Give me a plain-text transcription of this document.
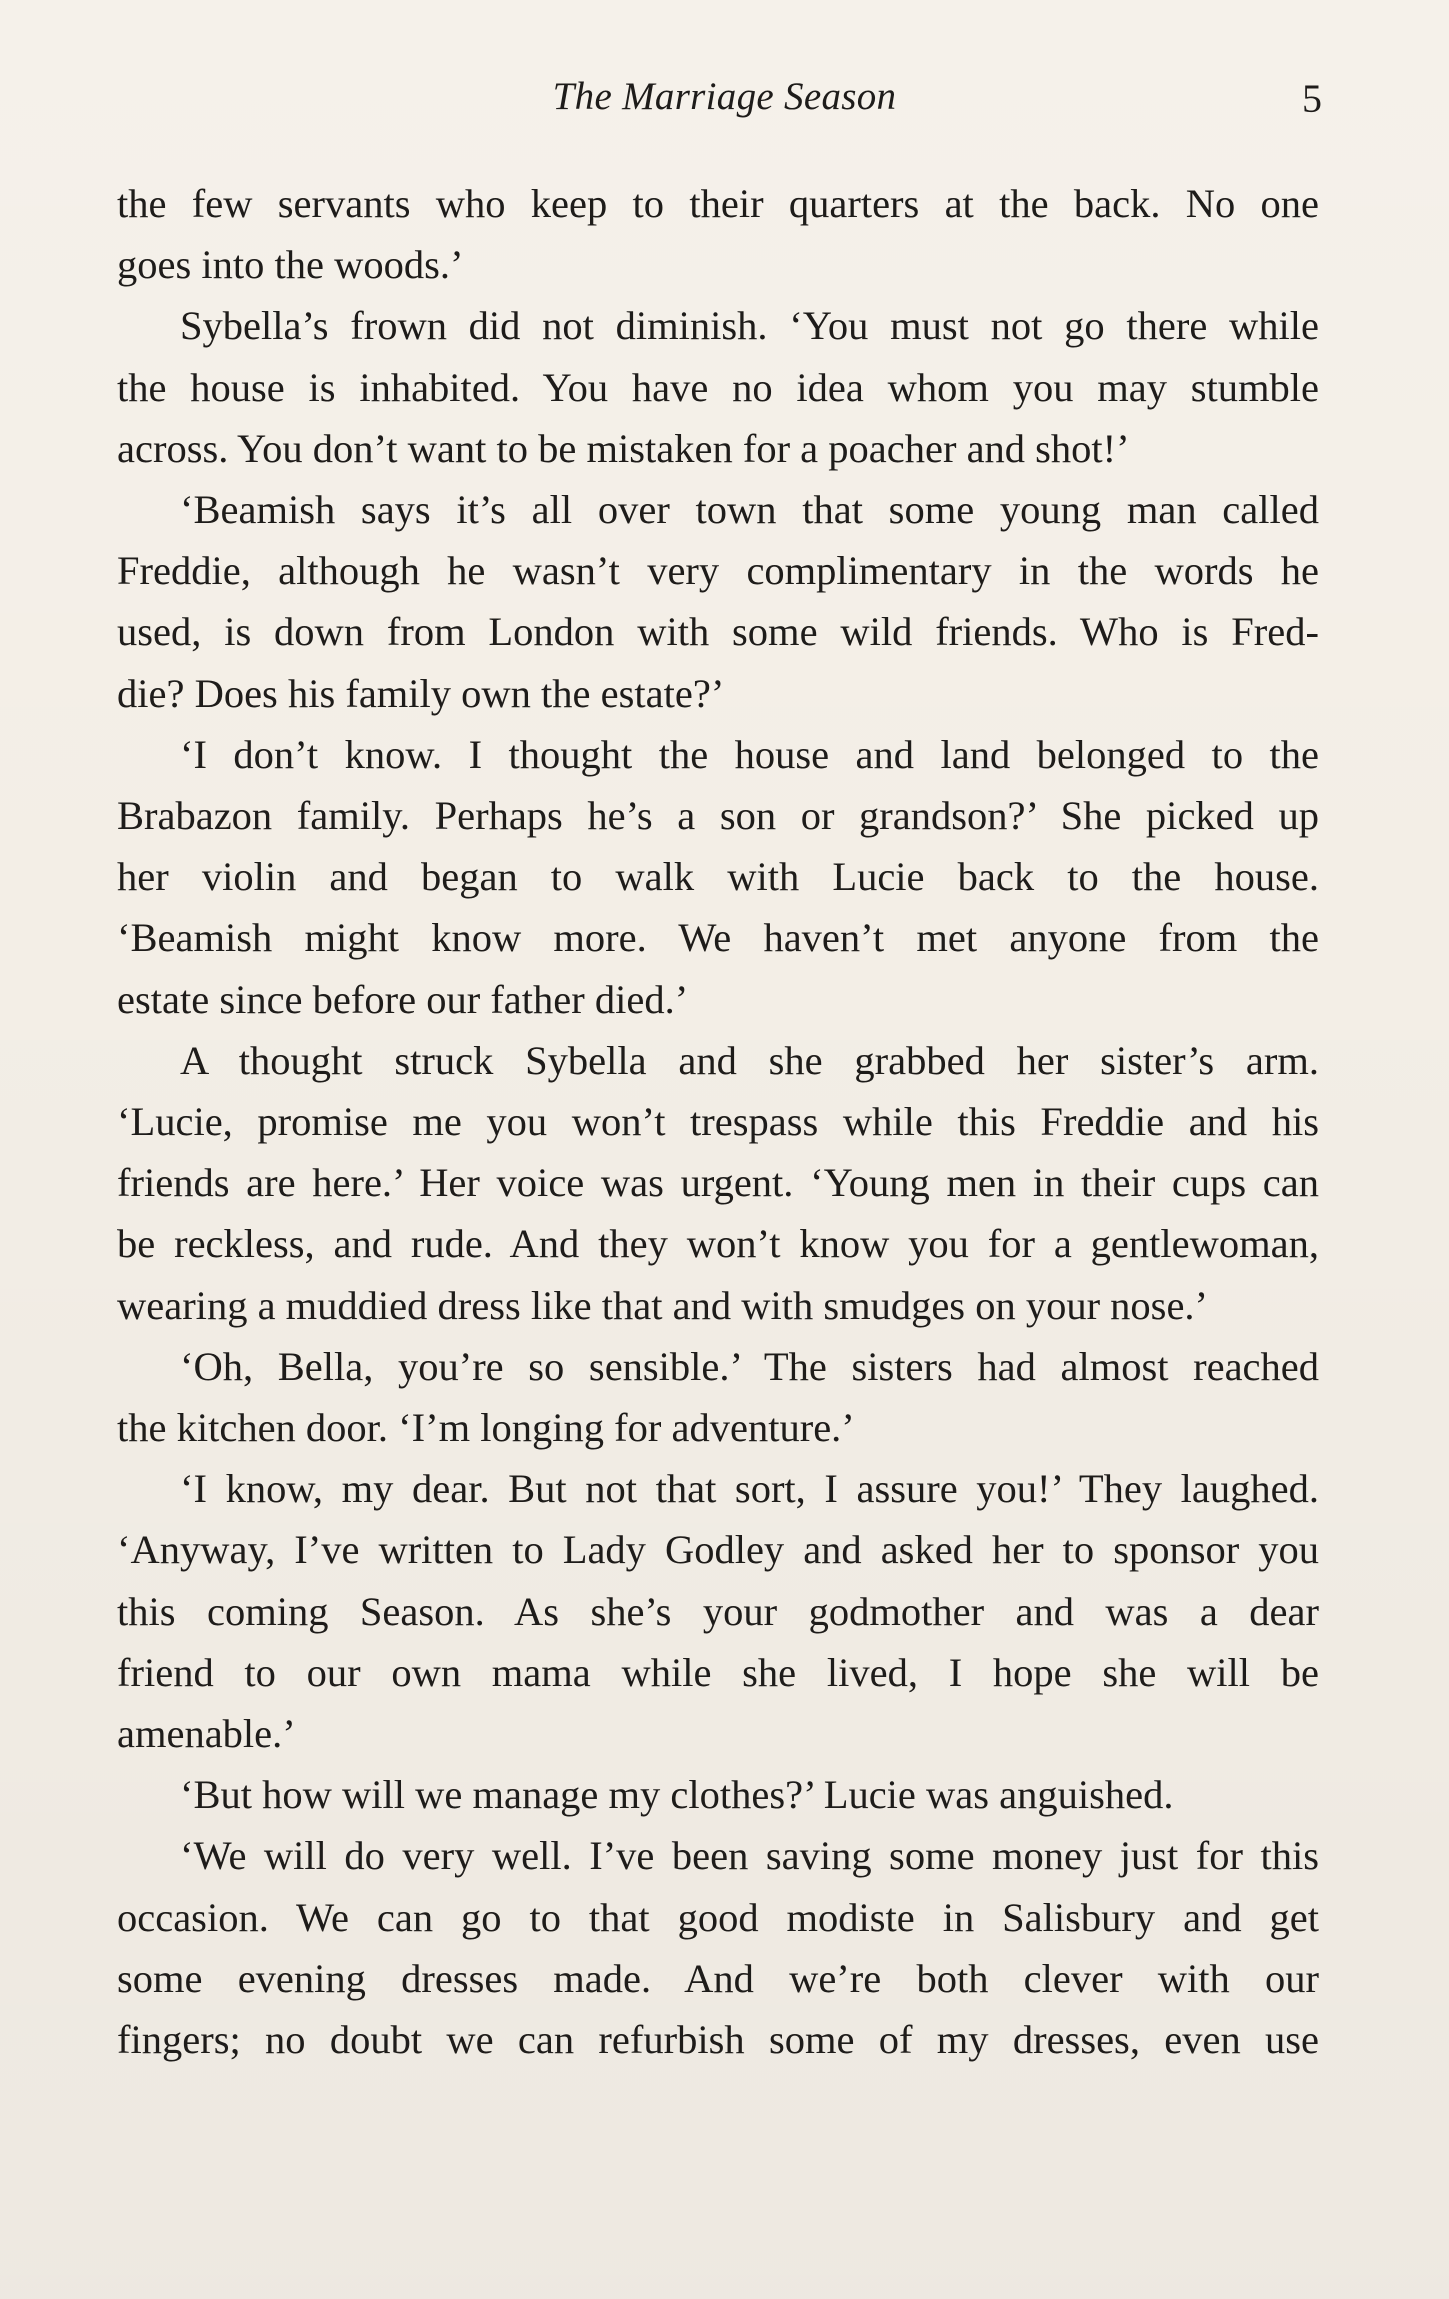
The Marriage Season	5

the few servants who keep to their quarters at the back. No one

goes into the woods.’

Sybella’s frown did not diminish. ‘You must not go there while

the house is inhabited. You have no idea whom you may stumble

across. You don’t want to be mistaken for a poacher and shot!’

‘Beamish says it’s all over town that some young man called

Freddie, although he wasn’t very complimentary in the words he

used, is down from London with some wild friends. Who is Fred-

die? Does his family own the estate?’

‘I don’t know. I thought the house and land belonged to the

Brabazon family. Perhaps he’s a son or grandson?’ She picked up

her violin and began to walk with Lucie back to the house.

‘Beamish might know more. We haven’t met anyone from the

estate since before our father died.’

A thought struck Sybella and she grabbed her sister’s arm.

‘Lucie, promise me you won’t trespass while this Freddie and his

friends are here.’ Her voice was urgent. ‘Young men in their cups can

be reckless, and rude. And they won’t know you for a gentlewoman,

wearing a muddied dress like that and with smudges on your nose.’

‘Oh, Bella, you’re so sensible.’ The sisters had almost reached

the kitchen door. ‘I’m longing for adventure.’

‘I know, my dear. But not that sort, I assure you!’ They laughed.

‘Anyway, I’ve written to Lady Godley and asked her to sponsor you

this coming Season. As she’s your godmother and was a dear

friend to our own mama while she lived, I hope she will be

amenable.’

‘But how will we manage my clothes?’ Lucie was anguished.

‘We will do very well. I’ve been saving some money just for this

occasion. We can go to that good modiste in Salisbury and get

some evening dresses made. And we’re both clever with our

fingers; no doubt we can refurbish some of my dresses, even use
